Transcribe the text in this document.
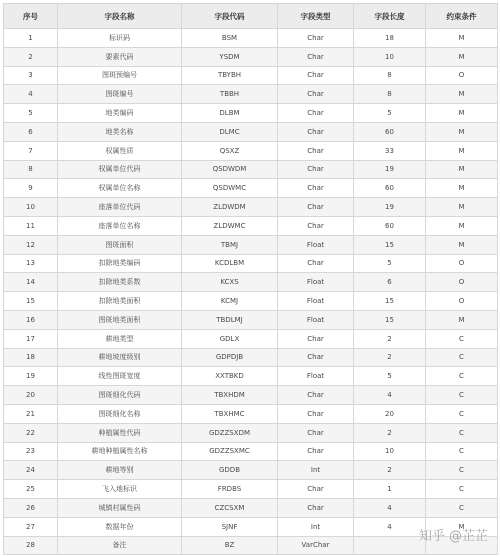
序号	字段名称	字段代码	字段类型	字段长度	约束条件
1	标识码	BSM	Char	18	M
2	要素代码	YSDM	Char	10	M
3	图斑预编号	TBYBH	Char	8	O
4	图斑编号	TBBH	Char	8	M
5	地类编码	DLBM	Char	5	M
6	地类名称	DLMC	Char	60	M
7	权属性质	QSXZ	Char	33	M
8	权属单位代码	QSDWDM	Char	19	M
9	权属单位名称	QSDWMC	Char	60	M
10	座落单位代码	ZLDWDM	Char	19	M
11	座落单位名称	ZLDWMC	Char	60	M
12	图斑面积	TBMJ	Float	15	M
13	扣除地类编码	KCDLBM	Char	5	O
14	扣除地类系数	KCXS	Float	6	O
15	扣除地类面积	KCMJ	Float	15	O
16	图斑地类面积	TBDLMJ	Float	15	M
17	耕地类型	GDLX	Char	2	C
18	耕地坡度级别	GDPDJB	Char	2	C
19	线性图斑宽度	XXTBKD	Float	5	C
20	图斑细化代码	TBXHDM	Char	4	C
21	图斑细化名称	TBXHMC	Char	20	C
22	种植属性代码	GDZZSXDM	Char	2	C
23	耕地种植属性名称	GDZZSXMC	Char	10	C
24	耕地等别	GDDB	Int	2	C
25	飞入地标识	FRDBS	Char	1	C
26	城镇村属性码	CZCSXM	Char	4	C
27	数据年份	SJNF	Int	4	M
28	备注	BZ	VarChar		
知乎 @芷芷
